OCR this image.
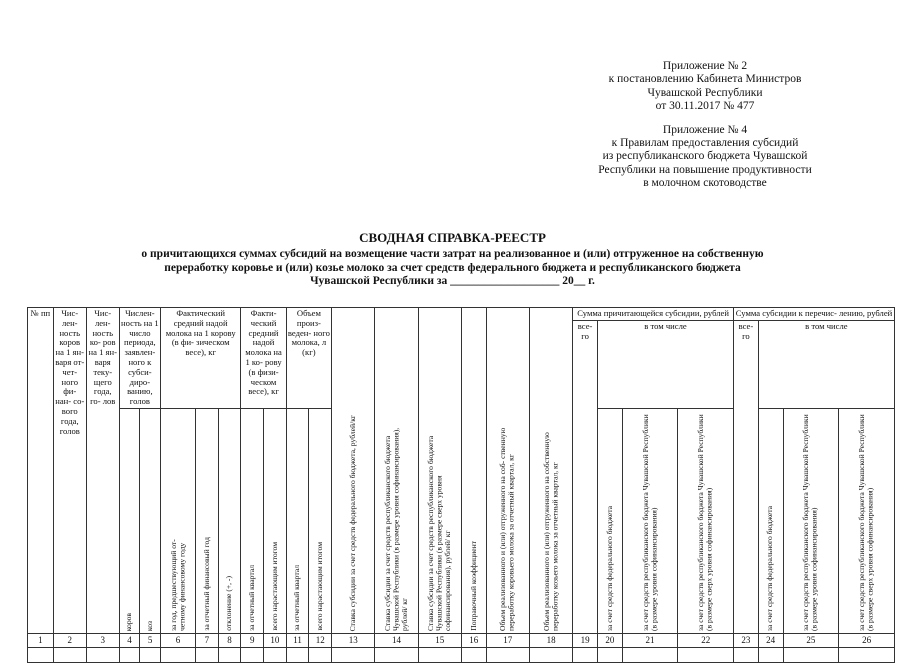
Приложение № 2
к постановлению Кабинета Министров
Чувашской Республики
от 30.11.2017 № 477
Приложение № 4
к Правилам предоставления субсидий
из республиканского бюджета Чувашской
Республики на повышение продуктивности
в молочном скотоводстве
СВОДНАЯ СПРАВКА-РЕЕСТР
о причитающихся суммах субсидий на возмещение части затрат на реализованное и (или) отгруженное на собственную
переработку коровье и (или) козье молоко за счет средств федерального бюджета и республиканского бюджета
Чувашской Республики за ___________________ 20__ г.
№ пп	Чис- лен- ность коров на 1 ян- варя от- чет- ного фи- нан- со- вого года, голов	Чис- лен- ность ко- ров на 1 ян- варя теку- щего года, го- лов	Числен- ность на 1 число периода, заявлен- ного к субси- диро- ванию, голов		Фактический средний надой молока на 1 корову (в фи- зическом весе), кг			Факти- ческий средний надой молока на 1 ко- рову (в физи- ческом весе), кг		Объем произ- веден- ного молока, л (кг)		Ставка субсидии за счет средств федерального бюджета, рублей/кг	Ставка субсидии за счет средств республиканского бюджета Чувашской Республики (в размере уровня софинансирования), рублей/ кг	Ставка субсидии за счет средств республиканского бюджета Чувашской Республики (в размере сверх уровня софинансирования), рублей/ кг	Поправочный коэффициент	Объем реализованного и (или) отгруженного на соб- ственную переработку коровьего молока за отчетный квартал, кг	Объем реализованного и (или) отгруженного на собственную переработку козьего молока за отчетный квартал, кг	Сумма причитающейся субсидии, рублей				Сумма субсидии к перечис- лению, рублей			
																		все- го	в том числе			все- го	в том числе		

			коров	коз	за год, предшествующий от- четному финансовому году	за отчетный финансовый год	отклонение (+, -)	за отчетный квартал	всего нарастающим итогом	за отчетный квартал	всего нарастающим итогом								за счет средств федерального бюджета	за счет средств республиканского бюджета Чувашской Республики (в размере уровня софинансирования)	за счет средств республиканского бюджета Чувашской Республики (в размере сверх уровня софинансирования)		за счет средств федерального бюджета	за счет средств республиканского бюджета Чувашской Республики (в размере уровня софинансирования)	за счет средств республиканского бюджета Чувашской Республики (в размере сверх уровня софинансирования)

1	2	3	4	5	6	7	8	9	10	11	12	13	14	15	16	17	18	19	20	21	22	23	24	25	26
